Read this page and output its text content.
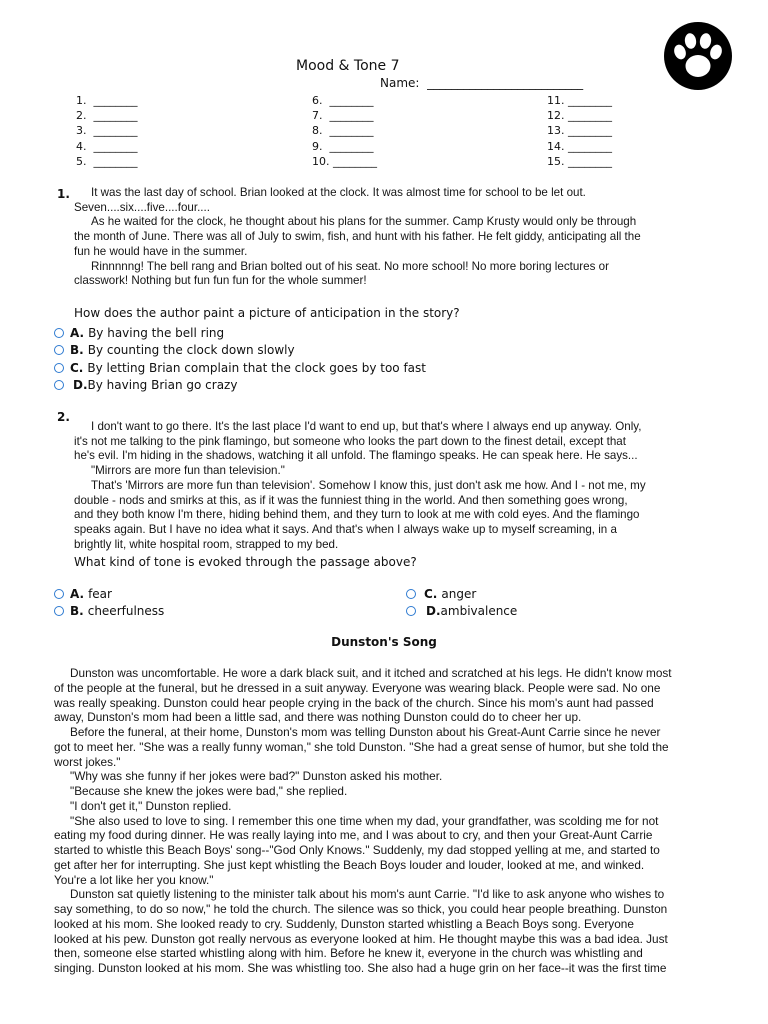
Mood & Tone 7
Name: __________________________
1.  ________
2.  ________
3.  ________
4.  ________
5.  ________
6.  ________
7.  ________
8.  ________
9.  ________
10. ________
11. ________
12. ________
13. ________
14. ________
15. ________
1.	It was the last day of school. Brian looked at the clock. It was almost time for school to be let out.
Seven....six....five....four....
As he waited for the clock, he thought about his plans for the summer. Camp Krusty would only be through
the month of June. There was all of July to swim, fish, and hunt with his father. He felt giddy, anticipating all the
fun he would have in the summer.
Rinnnnng! The bell rang and Brian bolted out of his seat. No more school! No more boring lectures or
classwork! Nothing but fun fun fun for the whole summer!
How does the author paint a picture of anticipation in the story?
A. By having the bell ring
B. By counting the clock down slowly
C. By letting Brian complain that the clock goes by too fast
D. By having Brian go crazy
2.
I don't want to go there. It's the last place I'd want to end up, but that's where I always end up anyway. Only,
it's not me talking to the pink flamingo, but someone who looks the part down to the finest detail, except that
he's evil. I'm hiding in the shadows, watching it all unfold. The flamingo speaks. He can speak here. He says...
"Mirrors are more fun than television."
That's 'Mirrors are more fun than television'. Somehow I know this, just don't ask me how. And I - not me, my
double - nods and smirks at this, as if it was the funniest thing in the world. And then something goes wrong,
and they both know I'm there, hiding behind them, and they turn to look at me with cold eyes. And the flamingo
speaks again. But I have no idea what it says. And that's when I always wake up to myself screaming, in a
brightly lit, white hospital room, strapped to my bed.
What kind of tone is evoked through the passage above?
A. fear
B. cheerfulness
C. anger
D. ambivalence
Dunston's Song

Dunston was uncomfortable. He wore a dark black suit, and it itched and scratched at his legs. He didn't know most

of the people at the funeral, but he dressed in a suit anyway. Everyone was wearing black. People were sad. No one

was really speaking. Dunston could hear people crying in the back of the church. Since his mom's aunt had passed

away, Dunston's mom had been a little sad, and there was nothing Dunston could do to cheer her up.

Before the funeral, at their home, Dunston's mom was telling Dunston about his Great-Aunt Carrie since he never

got to meet her. "She was a really funny woman," she told Dunston. "She had a great sense of humor, but she told the

worst jokes."

"Why was she funny if her jokes were bad?" Dunston asked his mother.

"Because she knew the jokes were bad," she replied.

"I don't get it," Dunston replied.

"She also used to love to sing. I remember this one time when my dad, your grandfather, was scolding me for not

eating my food during dinner. He was really laying into me, and I was about to cry, and then your Great-Aunt Carrie

started to whistle this Beach Boys' song--"God Only Knows." Suddenly, my dad stopped yelling at me, and started to

get after her for interrupting. She just kept whistling the Beach Boys louder and louder, looked at me, and winked.

You're a lot like her you know."

Dunston sat quietly listening to the minister talk about his mom's aunt Carrie. "I'd like to ask anyone who wishes to

say something, to do so now," he told the church. The silence was so thick, you could hear people breathing. Dunston

looked at his mom. She looked ready to cry. Suddenly, Dunston started whistling a Beach Boys song. Everyone

looked at his pew. Dunston got really nervous as everyone looked at him. He thought maybe this was a bad idea. Just

then, someone else started whistling along with him. Before he knew it, everyone in the church was whistling and

singing. Dunston looked at his mom. She was whistling too. She also had a huge grin on her face--it was the first time
